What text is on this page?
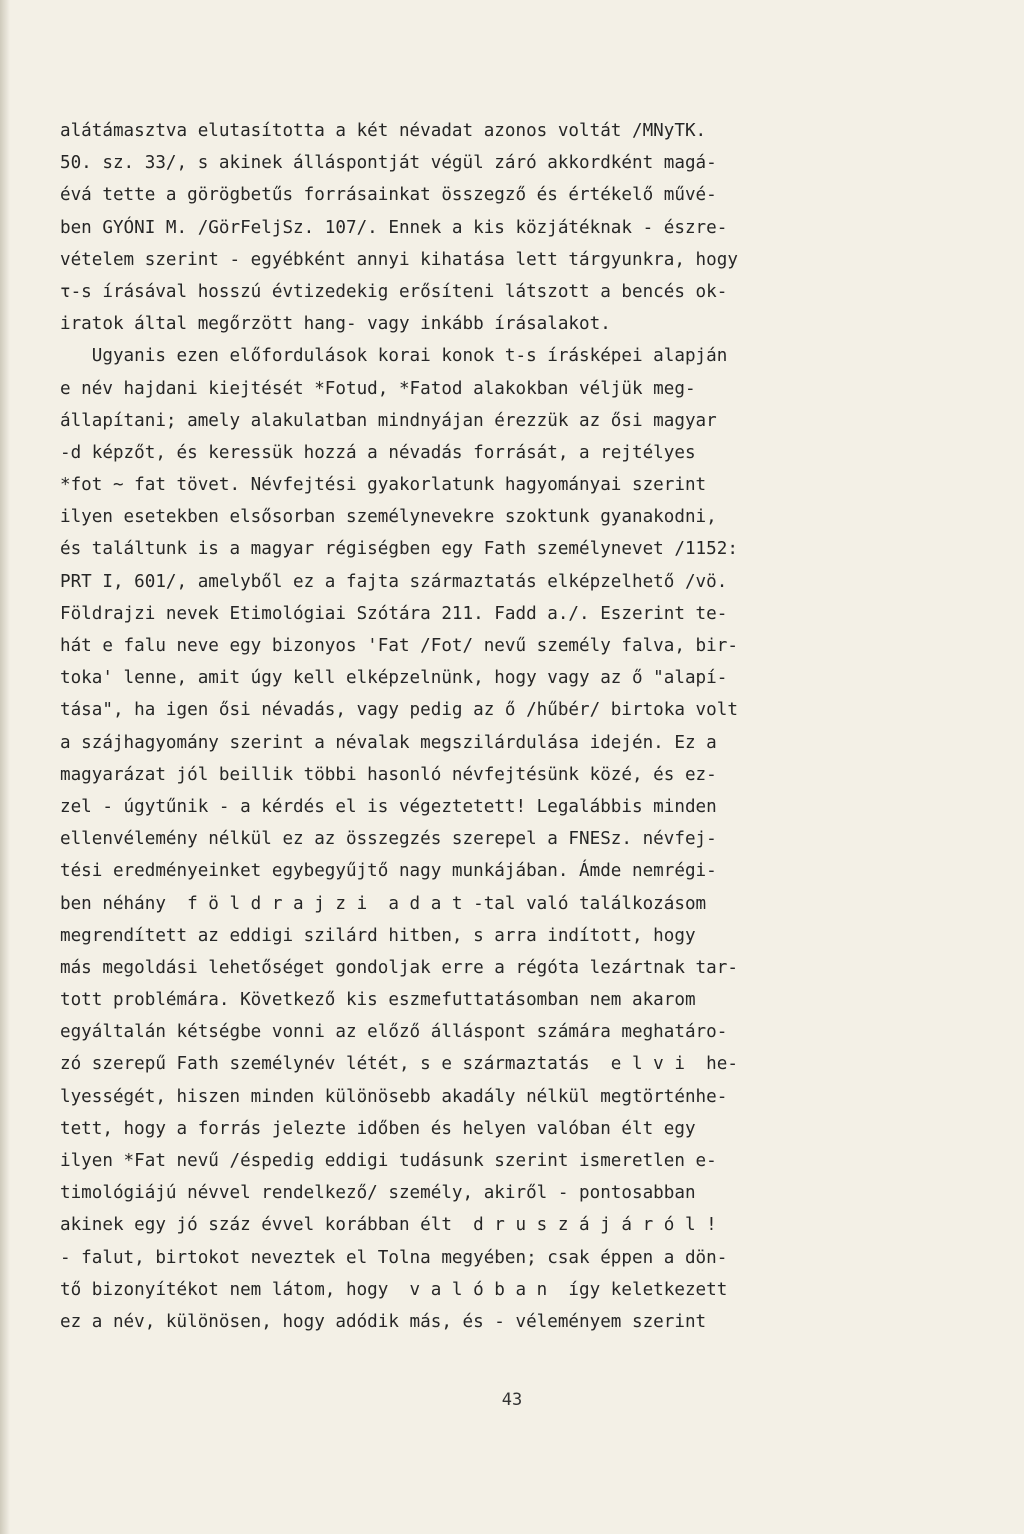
alátámasztva elutasította a két névadat azonos voltát /MNyTK.
50. sz. 33/, s akinek álláspontját végül záró akkordként magá-
évá tette a görögbetűs forrásainkat összegző és értékelő művé-
ben GYÓNI M. /GörFeljSz. 107/. Ennek a kis közjátéknak - észre-
vételem szerint - egyébként annyi kihatása lett tárgyunkra, hogy
τ-s írásával hosszú évtizedekig erősíteni látszott a bencés ok-
iratok által megőrzött hang- vagy inkább írásalakot.
Ugyanis ezen előfordulások korai konok t-s írásképei alapján
e név hajdani kiejtését *Fotud, *Fatod alakokban véljük meg-
állapítani; amely alakulatban mindnyájan érezzük az ősi magyar
-d képzőt, és keressük hozzá a névadás forrását, a rejtélyes
*fot ~ fat tövet. Névfejtési gyakorlatunk hagyományai szerint
ilyen esetekben elsősorban személynevekre szoktunk gyanakodni,
és találtunk is a magyar régiségben egy Fath személynevet /1152:
PRT I, 601/, amelyből ez a fajta származtatás elképzelhető /vö.
Földrajzi nevek Etimológiai Szótára 211. Fadd a./. Eszerint te-
hát e falu neve egy bizonyos 'Fat /Fot/ nevű személy falva, bir-
toka' lenne, amit úgy kell elképzelnünk, hogy vagy az ő "alapí-
tása", ha igen ősi névadás, vagy pedig az ő /hűbér/ birtoka volt
a szájhagyomány szerint a névalak megszilárdulása idején. Ez a
magyarázat jól beillik többi hasonló névfejtésünk közé, és ez-
zel - úgytűnik - a kérdés el is végeztetett! Legalábbis minden
ellenvélemény nélkül ez az összegzés szerepel a FNESz. névfej-
tési eredményeinket egybegyűjtő nagy munkájában. Ámde nemrégi-
ben néhány  f ö l d r a j z i  a d a t -tal való találkozásom
megrendített az eddigi szilárd hitben, s arra indított, hogy
más megoldási lehetőséget gondoljak erre a régóta lezártnak tar-
tott problémára. Következő kis eszmefuttatásomban nem akarom
egyáltalán kétségbe vonni az előző álláspont számára meghatáro-
zó szerepű Fath személynév létét, s e származtatás  e l v i  he-
lyességét, hiszen minden különösebb akadály nélkül megtörténhe-
tett, hogy a forrás jelezte időben és helyen valóban élt egy
ilyen *Fat nevű /éspedig eddigi tudásunk szerint ismeretlen e-
timológiájú névvel rendelkező/ személy, akiről - pontosabban
akinek egy jó száz évvel korábban élt  d r u s z á j á r ó l !
- falut, birtokot neveztek el Tolna megyében; csak éppen a dön-
tő bizonyítékot nem látom, hogy  v a l ó b a n  így keletkezett
ez a név, különösen, hogy adódik más, és - véleményem szerint
43
